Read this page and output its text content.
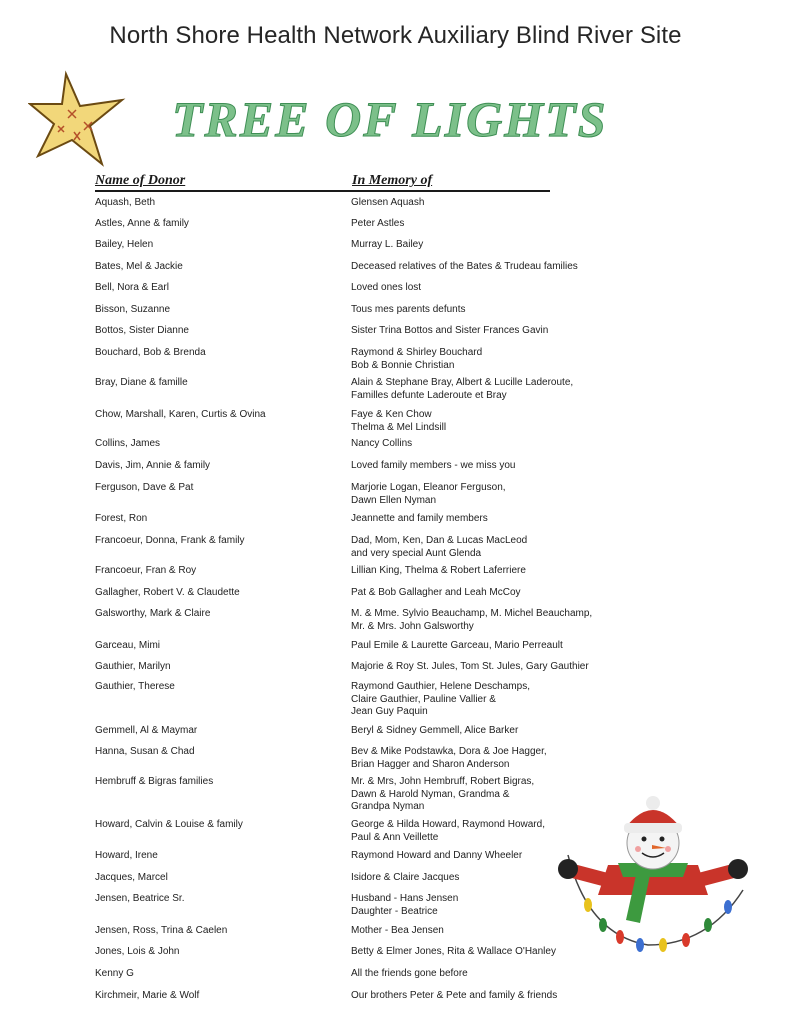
North Shore Health Network Auxiliary Blind River Site
TREE OF LIGHTS
Name of Donor	In Memory of
Aquash, Beth	Glensen Aquash
Astles, Anne & family	Peter Astles
Bailey, Helen	Murray L. Bailey
Bates, Mel & Jackie	Deceased relatives of the Bates & Trudeau families
Bell, Nora & Earl	Loved ones lost
Bisson, Suzanne	Tous mes parents defunts
Bottos, Sister Dianne	Sister Trina Bottos and Sister Frances Gavin
Bouchard, Bob & Brenda	Raymond & Shirley Bouchard
Bob & Bonnie Christian
Bray, Diane & famille	Alain & Stephane Bray, Albert & Lucille Laderoute,
Familles defunte Laderoute et Bray
Chow, Marshall, Karen, Curtis & Ovina	Faye & Ken Chow
Thelma & Mel Lindsill
Collins, James	Nancy Collins
Davis, Jim, Annie & family	Loved family members - we miss you
Ferguson, Dave & Pat	Marjorie Logan, Eleanor Ferguson,
Dawn Ellen Nyman
Forest, Ron	Jeannette and family members
Francoeur, Donna, Frank & family	Dad, Mom, Ken, Dan & Lucas MacLeod
and very special Aunt Glenda
Francoeur, Fran & Roy	Lillian King, Thelma & Robert Laferriere
Gallagher, Robert V. & Claudette	Pat & Bob Gallagher and Leah McCoy
Galsworthy, Mark & Claire	M. & Mme. Sylvio Beauchamp, M. Michel Beauchamp,
Mr. & Mrs. John Galsworthy
Garceau, Mimi	Paul Emile & Laurette Garceau, Mario Perreault
Gauthier, Marilyn	Majorie & Roy St. Jules, Tom St. Jules, Gary Gauthier
Gauthier, Therese	Raymond Gauthier, Helene Deschamps,
Claire Gauthier, Pauline Vallier &
Jean Guy Paquin
Gemmell, Al & Maymar	Beryl & Sidney Gemmell, Alice Barker
Hanna, Susan & Chad	Bev & Mike Podstawka, Dora & Joe Hagger,
Brian Hagger and Sharon Anderson
Hembruff & Bigras families	Mr. & Mrs, John Hembruff, Robert Bigras,
Dawn & Harold Nyman, Grandma &
Grandpa Nyman
Howard, Calvin & Louise & family	George & Hilda Howard, Raymond Howard,
Paul & Ann Veillette
Howard, Irene	Raymond Howard and Danny Wheeler
Jacques, Marcel	Isidore & Claire Jacques
Jensen, Beatrice Sr.	Husband - Hans Jensen
Daughter - Beatrice
Jensen, Ross, Trina & Caelen	Mother - Bea Jensen
Jones, Lois & John	Betty & Elmer Jones, Rita & Wallace O'Hanley
Kenny G	All the friends gone before
Kirchmeir, Marie & Wolf	Our brothers Peter & Pete and family & friends
